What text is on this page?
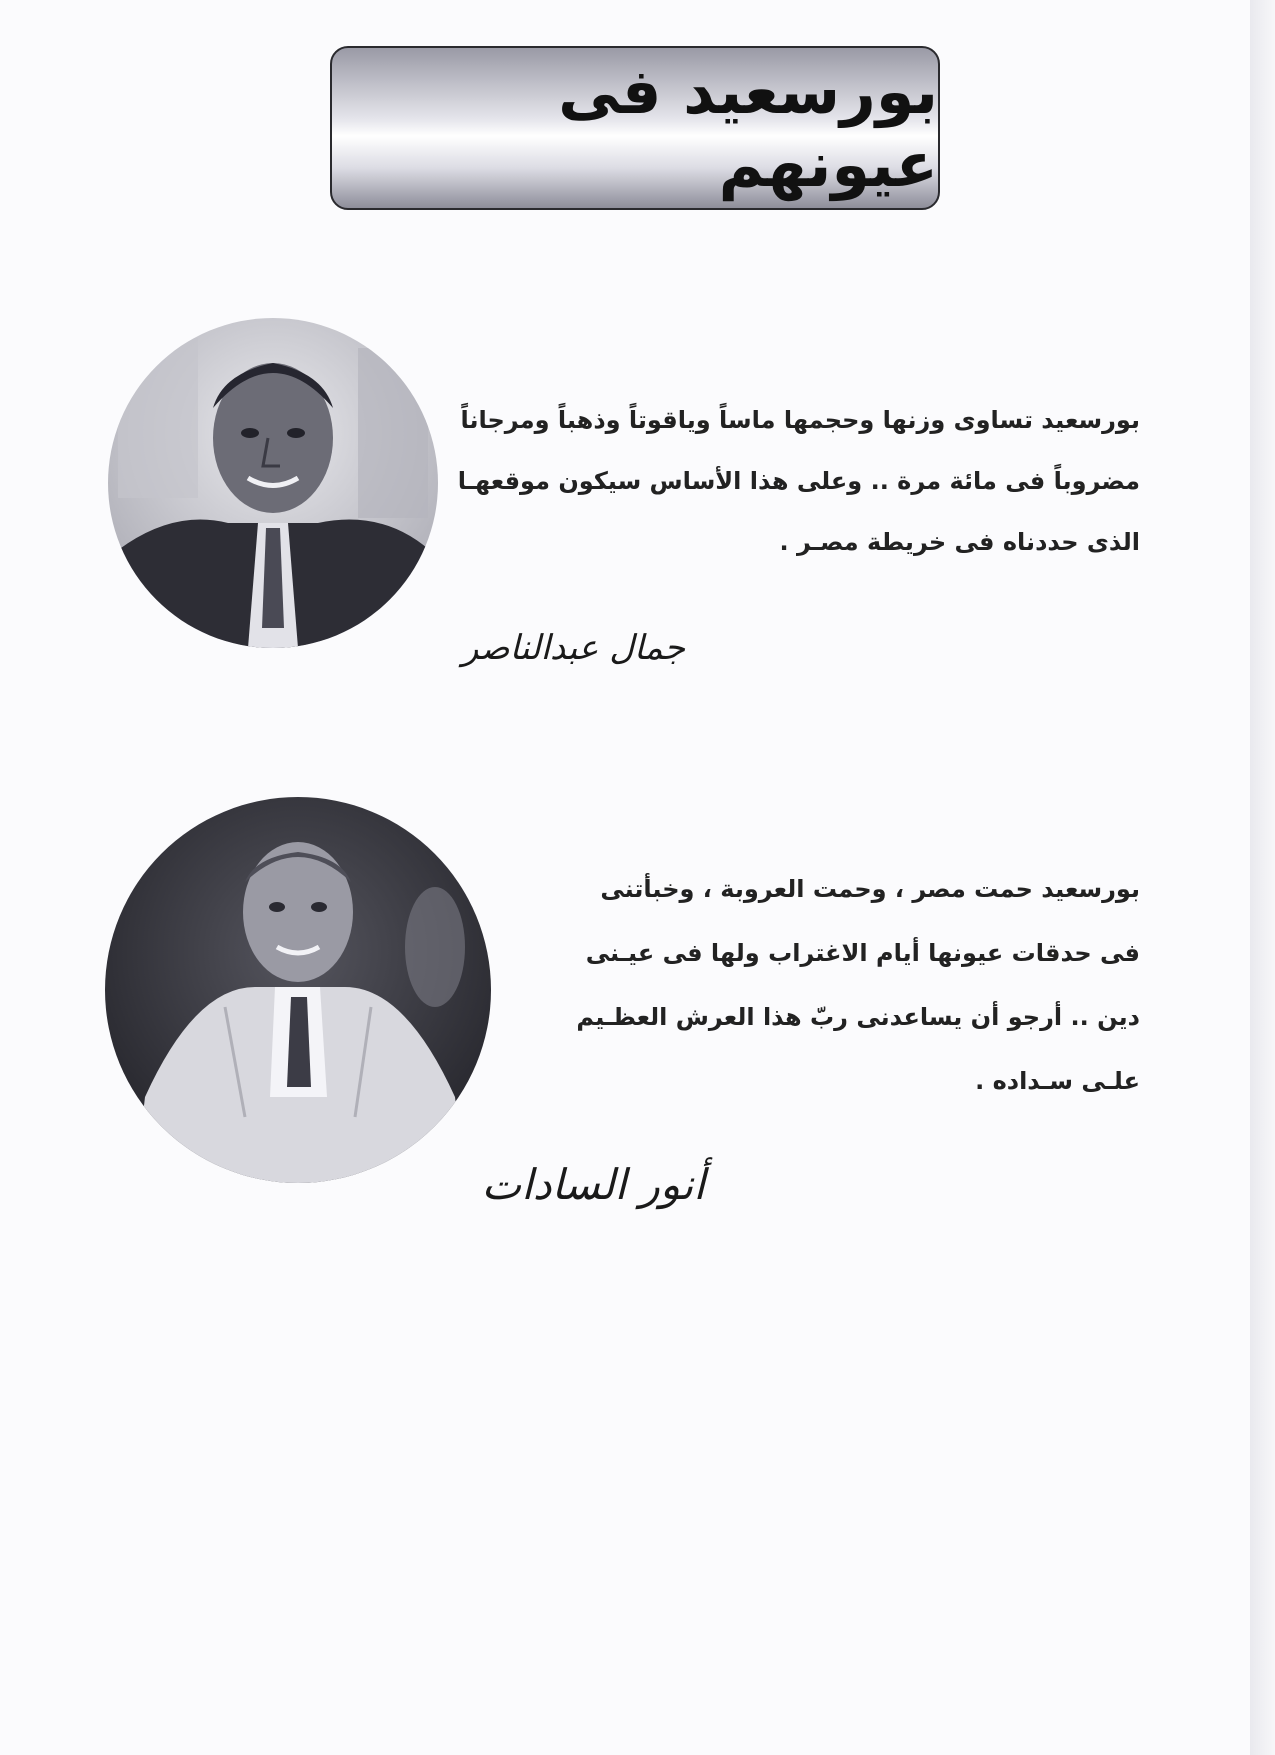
بورسعيد فى عيونهم
بورسعيد تساوى وزنها وحجمها ماساً وياقوتاً وذهباً ومرجاناً
مضروباً فى مائة مرة .. وعلى هذا الأساس سيكون موقعهـا
الذى حددناه فى خريطة مصـر .
جمال عبدالناصر
بورسعيد حمت مصر ، وحمت العروبة ، وخبأتنى
فى حدقات عيونها أيام الاغتراب ولها فى عيـنى
دين .. أرجو أن يساعدنى ربّ هذا العرش العظـيم
علـى سـداده .
أنور السادات
